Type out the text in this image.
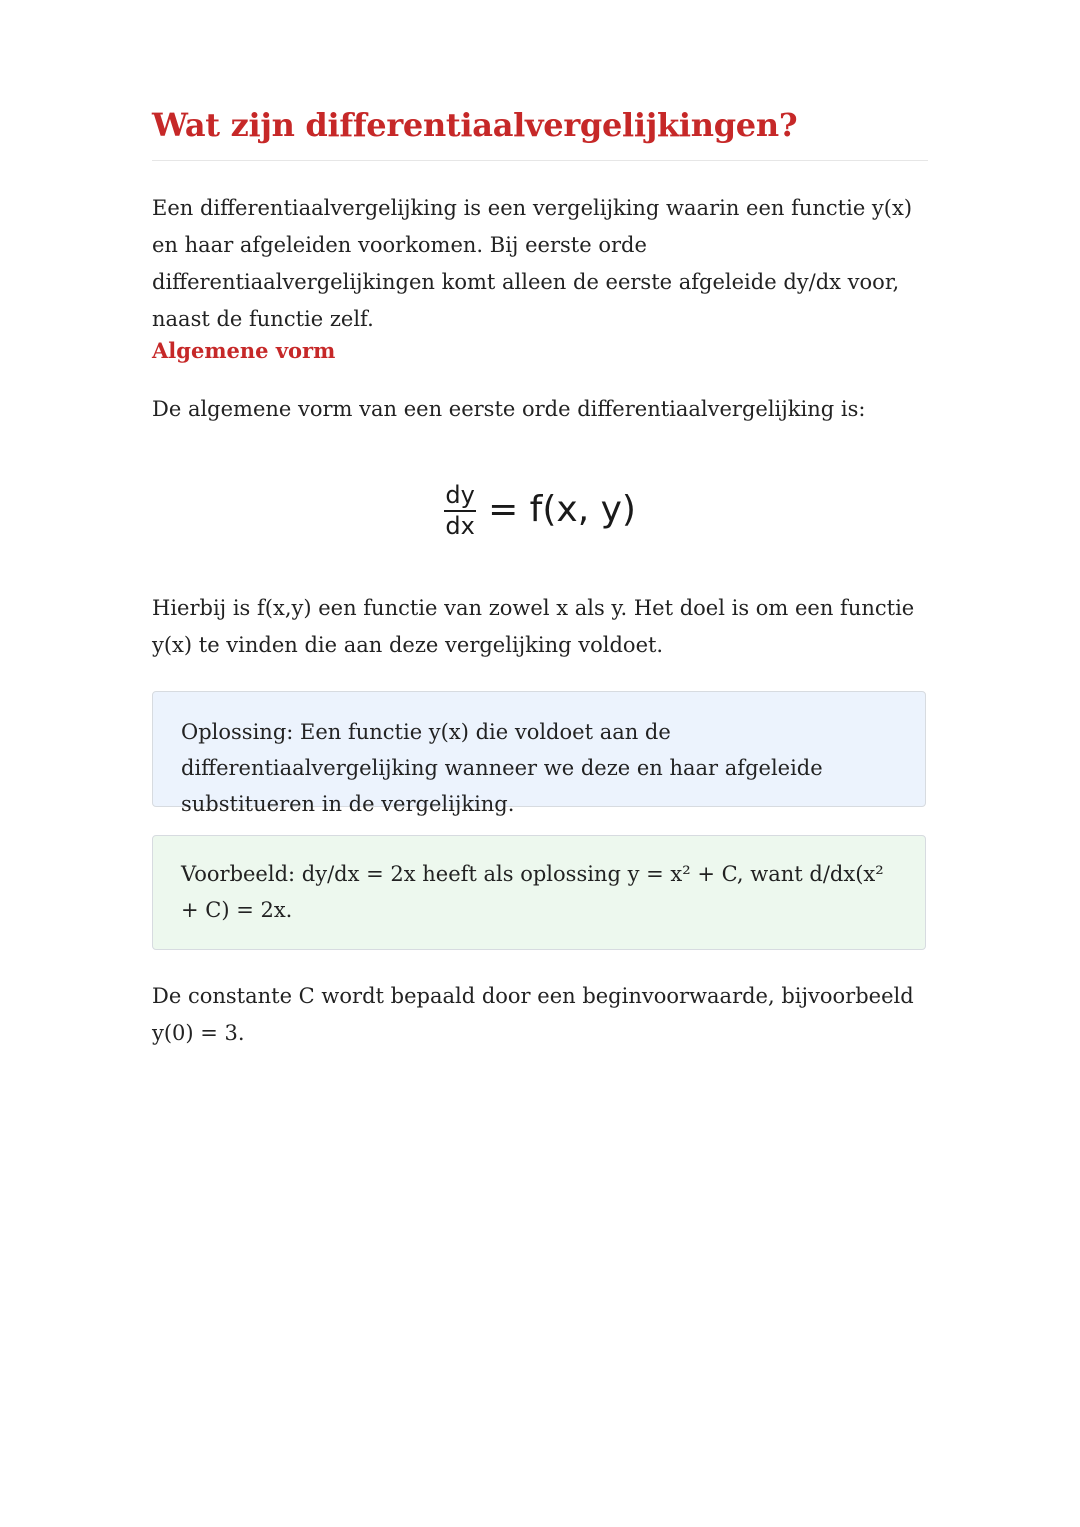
Wat zijn differentiaalvergelijkingen?

Een differentiaalvergelijking is een vergelijking waarin een functie y(x) en haar afgeleiden voorkomen. Bij eerste orde differentiaalvergelijkingen komt alleen de eerste afgeleide dy/dx voor, naast de functie zelf.

Algemene vorm

De algemene vorm van een eerste orde differentiaalvergelijking is:

$\frac{dy}{dx} = f(x$, y)

Hierbij is f(x,y) een functie van zowel x als y. Het doel is om een functie y(x) te vinden die aan deze vergelijking voldoet.

Oplossing: Een functie y(x) die voldoet aan de differentiaalvergelijking wanneer we deze en haar afgeleide substitueren in de vergelijking.

Voorbeeld: dy/dx = 2x heeft als oplossing y = x² + C, want d/dx(x² + C) = 2x.

De constante C wordt bepaald door een beginvoorwaarde, bijvoorbeeld y(0) = 3.
